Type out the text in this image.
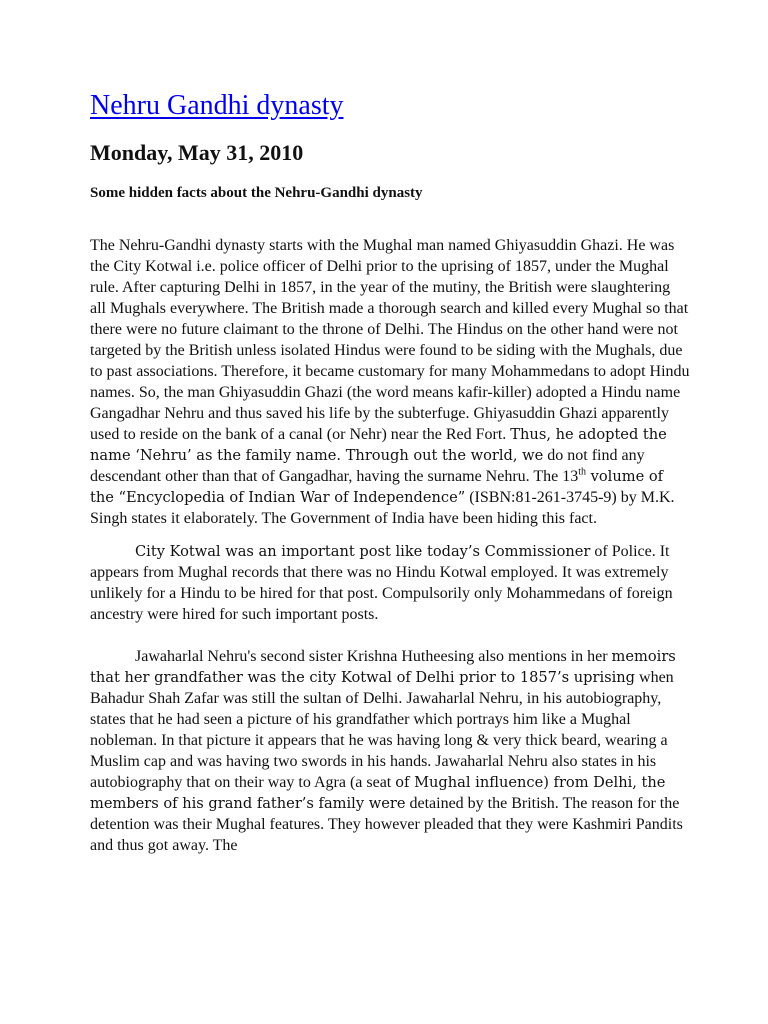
Nehru Gandhi dynasty
Monday, May 31, 2010
Some hidden facts about the Nehru-Gandhi dynasty

The Nehru-Gandhi dynasty starts with the Mughal man named Ghiyasuddin Ghazi. He was the City Kotwal i.e. police officer of Delhi prior to the uprising of 1857, under the Mughal rule. After capturing Delhi in 1857, in the year of the mutiny, the British were slaughtering all Mughals everywhere. The British made a thorough search and killed every Mughal so that there were no future claimant to the throne of Delhi. The Hindus on the other hand were not targeted by the British unless isolated Hindus were found to be siding with the Mughals, due to past associations. Therefore, it became customary for many Mohammedans to adopt Hindu names. So, the man Ghiyasuddin Ghazi (the word means kafir-killer) adopted a Hindu name Gangadhar Nehru and thus saved his life by the subterfuge. Ghiyasuddin Ghazi apparently used to reside on the bank of a canal (or Nehr) near the Red Fort. Thus, he adopted the name ‘Nehru’ as the family name. Through out the world, we do not find any descendant other than that of Gangadhar, having the surname Nehru. The 13th volume of the “Encyclopedia of Indian War of Independence” (ISBN:81-261-3745-9) by M.K. Singh states it elaborately. The Government of India have been hiding this fact.

City Kotwal was an important post like today’s Commissioner of Police. It appears from Mughal records that there was no Hindu Kotwal employed. It was extremely unlikely for a Hindu to be hired for that post. Compulsorily only Mohammedans of foreign ancestry were hired for such important posts.

Jawaharlal Nehru's second sister Krishna Hutheesing also mentions in her memoirs that her grandfather was the city Kotwal of Delhi prior to 1857’s uprising when Bahadur Shah Zafar was still the sultan of Delhi. Jawaharlal Nehru, in his autobiography, states that he had seen a picture of his grandfather which portrays him like a Mughal nobleman. In that picture it appears that he was having long & very thick beard, wearing a Muslim cap and was having two swords in his hands. Jawaharlal Nehru also states in his autobiography that on their way to Agra (a seat of Mughal influence) from Delhi, the members of his grand father’s family were detained by the British. The reason for the detention was their Mughal features. They however pleaded that they were Kashmiri Pandits and thus got away. The
